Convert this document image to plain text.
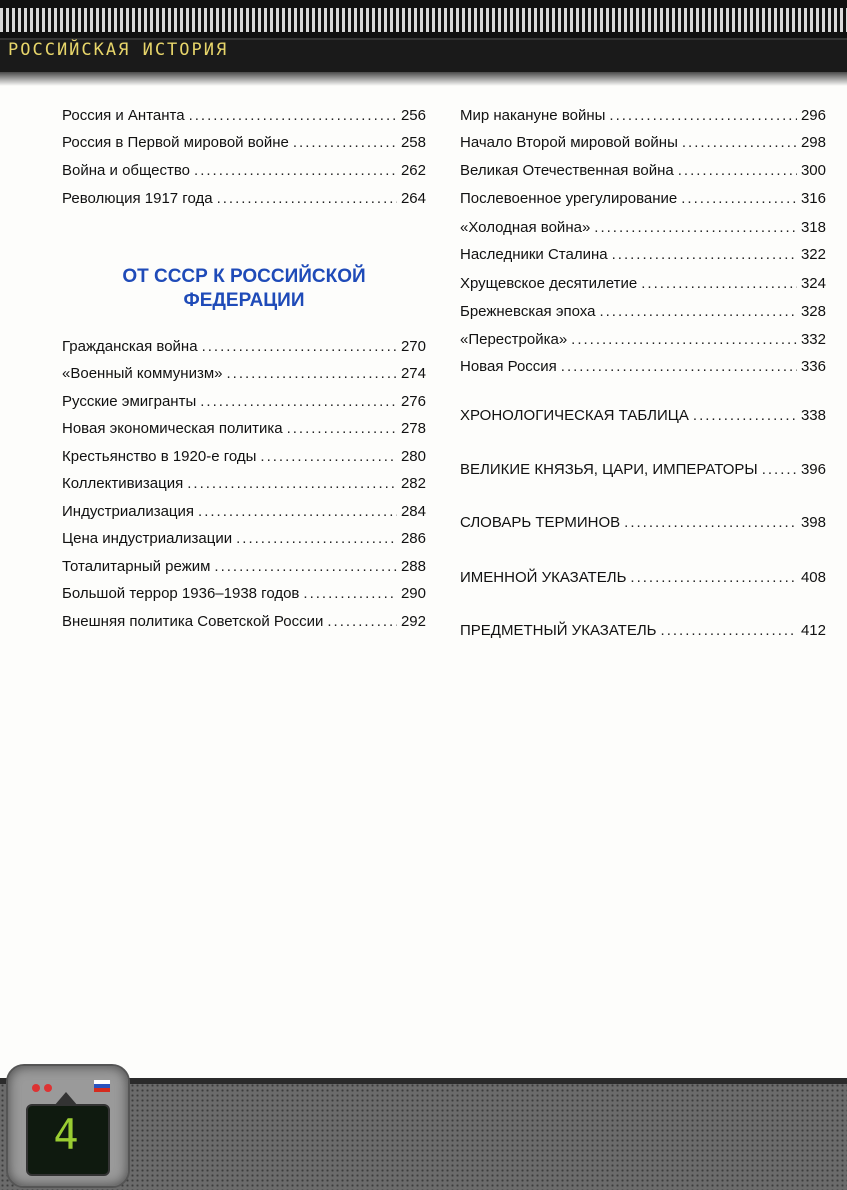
РОССИЙСКАЯ ИСТОРИЯ
Россия и Антанта .....	256
Россия в Первой мировой войне .....	258
Война и общество .....	262
Революция 1917 года .....	264
ОТ СССР К РОССИЙСКОЙ
ФЕДЕРАЦИИ
Гражданская война .....	270
«Военный коммунизм» .....	274
Русские эмигранты .....	276
Новая экономическая политика .....	278
Крестьянство в 1920-е годы .....	280
Коллективизация .....	282
Индустриализация .....	284
Цена индустриализации .....	286
Тоталитарный режим .....	288
Большой террор 1936–1938 годов .....	290
Внешняя политика Советской России .....	292
Мир накануне войны .....	296
Начало Второй мировой войны .....	298
Великая Отечественная война .....	300
Послевоенное урегулирование .....	316
«Холодная война» .....	318
Наследники Сталина .....	322
Хрущевское десятилетие .....	324
Брежневская эпоха .....	328
«Перестройка» .....	332
Новая Россия .....	336
ХРОНОЛОГИЧЕСКАЯ ТАБЛИЦА .....	338
ВЕЛИКИЕ КНЯЗЬЯ, ЦАРИ, ИМПЕРАТОРЫ .....	396
СЛОВАРЬ ТЕРМИНОВ .....	398
ИМЕННОЙ УКАЗАТЕЛЬ .....	408
ПРЕДМЕТНЫЙ УКАЗАТЕЛЬ .....	412
4
